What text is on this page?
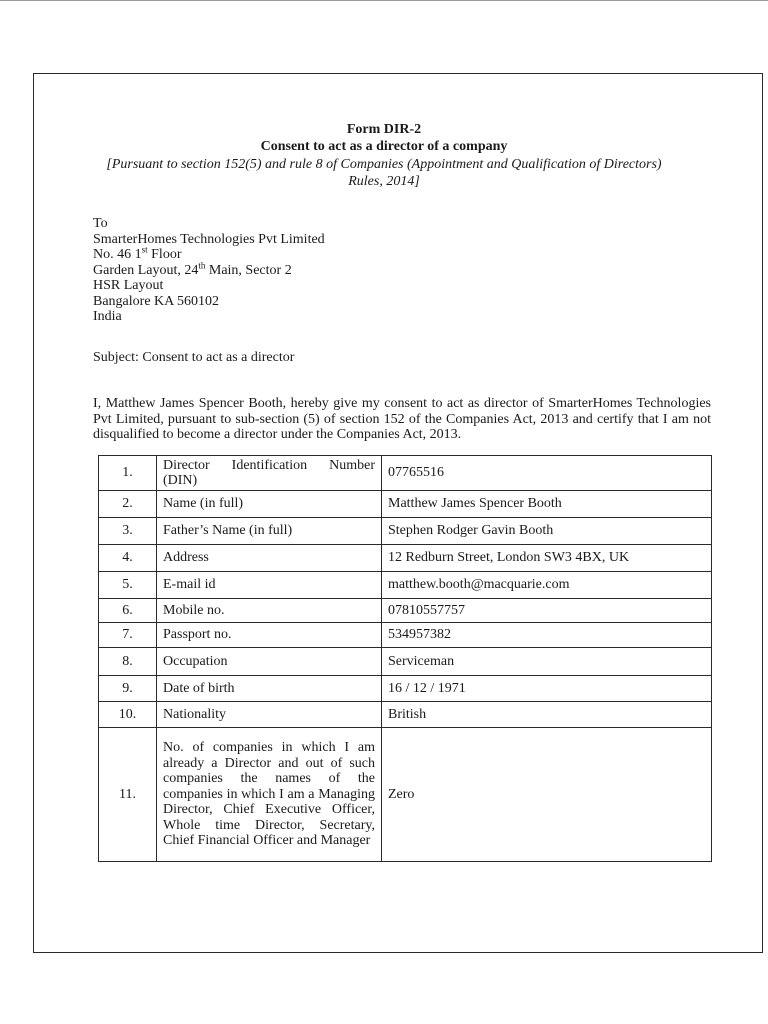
Form DIR-2
Consent to act as a director of a company
[Pursuant to section 152(5) and rule 8 of Companies (Appointment and Qualification of Directors) Rules, 2014]
To
SmarterHomes Technologies Pvt Limited
No. 46 1st Floor
Garden Layout, 24th Main, Sector 2
HSR Layout
Bangalore KA 560102
India
Subject: Consent to act as a director
I, Matthew James Spencer Booth, hereby give my consent to act as director of SmarterHomes Technologies Pvt Limited, pursuant to sub-section (5) of section 152 of the Companies Act, 2013 and certify that I am not disqualified to become a director under the Companies Act, 2013.
1.	Director Identification Number (DIN)	07765516
2.	Name (in full)	Matthew James Spencer Booth
3.	Father’s Name (in full)	Stephen Rodger Gavin Booth
4.	Address	12 Redburn Street, London SW3 4BX, UK
5.	E-mail id	matthew.booth@macquarie.com
6.	Mobile no.	07810557757
7.	Passport no.	534957382
8.	Occupation	Serviceman
9.	Date of birth	16 / 12 / 1971
10.	Nationality	British
11.	No. of companies in which I am already a Director and out of such companies the names of the companies in which I am a Managing Director, Chief Executive Officer, Whole time Director, Secretary, Chief Financial Officer and Manager	Zero
